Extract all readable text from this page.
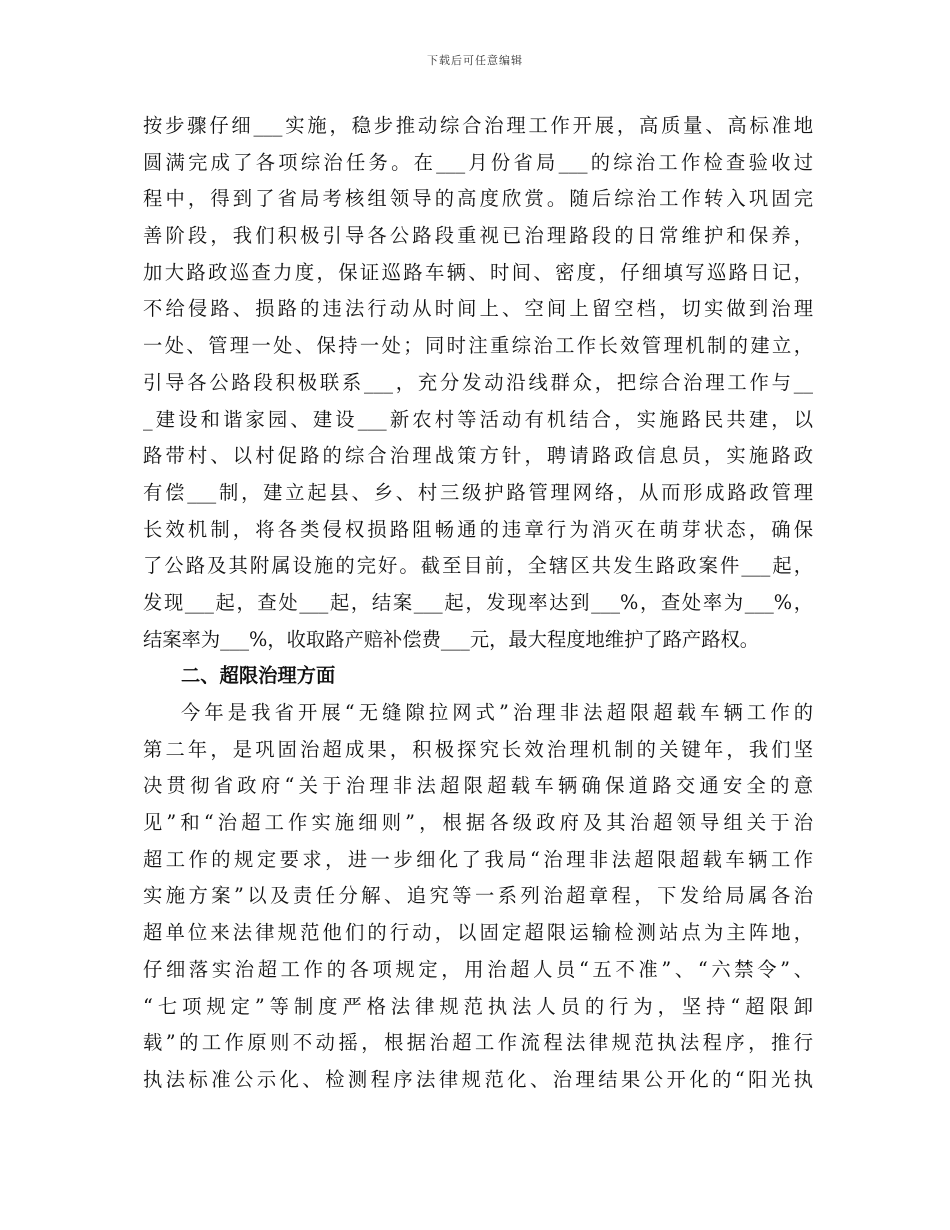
下载后可任意编辑
按步骤仔细___实施，稳步推动综合治理工作开展，高质量、高标准地
圆满完成了各项综治任务。在___月份省局___的综治工作检查验收过
程中，得到了省局考核组领导的高度欣赏。随后综治工作转入巩固完
善阶段，我们积极引导各公路段重视已治理路段的日常维护和保养，
加大路政巡查力度，保证巡路车辆、时间、密度，仔细填写巡路日记，
不给侵路、损路的违法行动从时间上、空间上留空档，切实做到治理
一处、管理一处、保持一处；同时注重综治工作长效管理机制的建立，
引导各公路段积极联系___，充分发动沿线群众，把综合治理工作与__
_建设和谐家园、建设___新农村等活动有机结合，实施路民共建，以
路带村、以村促路的综合治理战策方针，聘请路政信息员，实施路政
有偿___制，建立起县、乡、村三级护路管理网络，从而形成路政管理
长效机制，将各类侵权损路阻畅通的违章行为消灭在萌芽状态，确保
了公路及其附属设施的完好。截至目前，全辖区共发生路政案件___起，
发现___起，查处___起，结案___起，发现率达到___%，查处率为___%，
结案率为___%，收取路产赔补偿费___元，最大程度地维护了路产路权。
二、超限治理方面
今年是我省开展“无缝隙拉网式”治理非法超限超载车辆工作的
第二年，是巩固治超成果，积极探究长效治理机制的关键年，我们坚
决贯彻省政府“关于治理非法超限超载车辆确保道路交通安全的意
见”和“治超工作实施细则”，根据各级政府及其治超领导组关于治
超工作的规定要求，进一步细化了我局“治理非法超限超载车辆工作
实施方案”以及责任分解、追究等一系列治超章程，下发给局属各治
超单位来法律规范他们的行动，以固定超限运输检测站点为主阵地，
仔细落实治超工作的各项规定，用治超人员“五不准”、“六禁令”、
“七项规定”等制度严格法律规范执法人员的行为，坚持“超限卸
载”的工作原则不动摇，根据治超工作流程法律规范执法程序，推行
执法标准公示化、检测程序法律规范化、治理结果公开化的“阳光执
